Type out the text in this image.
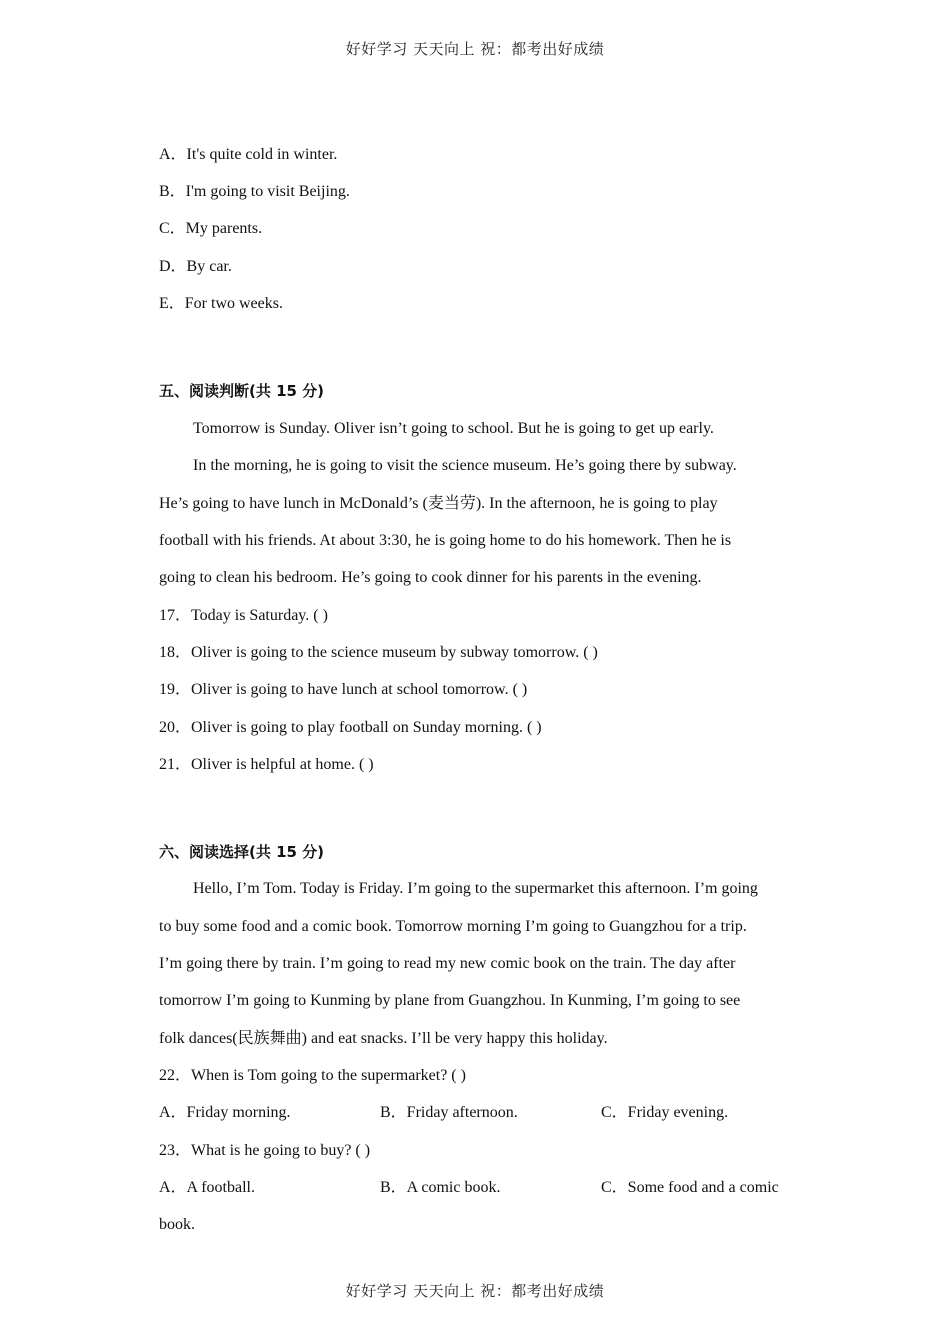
好好学习 天天向上 祝：都考出好成绩
A．It's quite cold in winter.
B．I'm going to visit Beijing.
C．My parents.
D．By car.
E．For two weeks.
五、阅读判断(共 15 分)
Tomorrow is Sunday. Oliver isn’t going to school. But he is going to get up early.
In the morning, he is going to visit the science museum. He’s going there by subway.
He’s going to have lunch in McDonald’s (麦当劳). In the afternoon, he is going to play
football with his friends. At about 3:30, he is going home to do his homework. Then he is
going to clean his bedroom. He’s going to cook dinner for his parents in the evening.
17．Today is Saturday. ( )
18．Oliver is going to the science museum by subway tomorrow. ( )
19．Oliver is going to have lunch at school tomorrow. ( )
20．Oliver is going to play football on Sunday morning. ( )
21．Oliver is helpful at home. ( )
六、阅读选择(共 15 分)
Hello, I’m Tom. Today is Friday. I’m going to the supermarket this afternoon. I’m going
to buy some food and a comic book. Tomorrow morning I’m going to Guangzhou for a trip.
I’m going there by train. I’m going to read my new comic book on the train. The day after
tomorrow I’m going to Kunming by plane from Guangzhou. In Kunming, I’m going to see
folk dances(民族舞曲) and eat snacks. I’ll be very happy this holiday.
22．When is Tom going to the supermarket? ( )
A．Friday morning.	B．Friday afternoon.	C．Friday evening.
23．What is he going to buy? ( )
A．A football.	B．A comic book.	C．Some food and a comic
book.
好好学习 天天向上 祝：都考出好成绩
